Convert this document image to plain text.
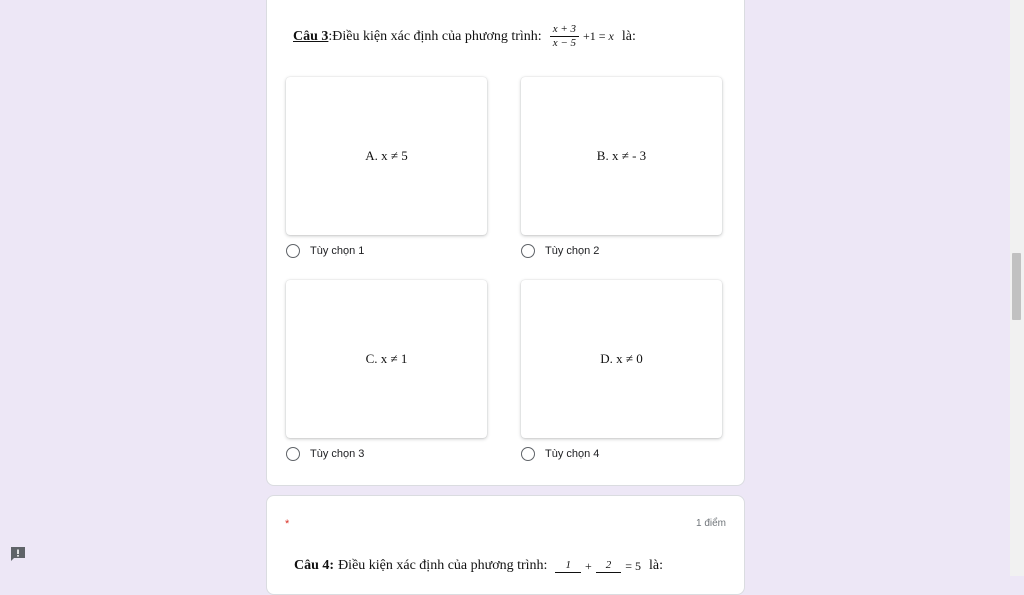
Câu 3 : Điều kiện xác định của phương trình: $\frac{x + 3}{x - 5} +1 = x$ là:
A. x ≠ 5
Tùy chọn 1
B. x ≠ - 3
Tùy chọn 2
C. x ≠ 1
Tùy chọn 3
D. x ≠ 0
Tùy chọn 4
*	1 điểm
Câu 4: Điều kiện xác định của phương trình:	1	+	2	= 5 là:
